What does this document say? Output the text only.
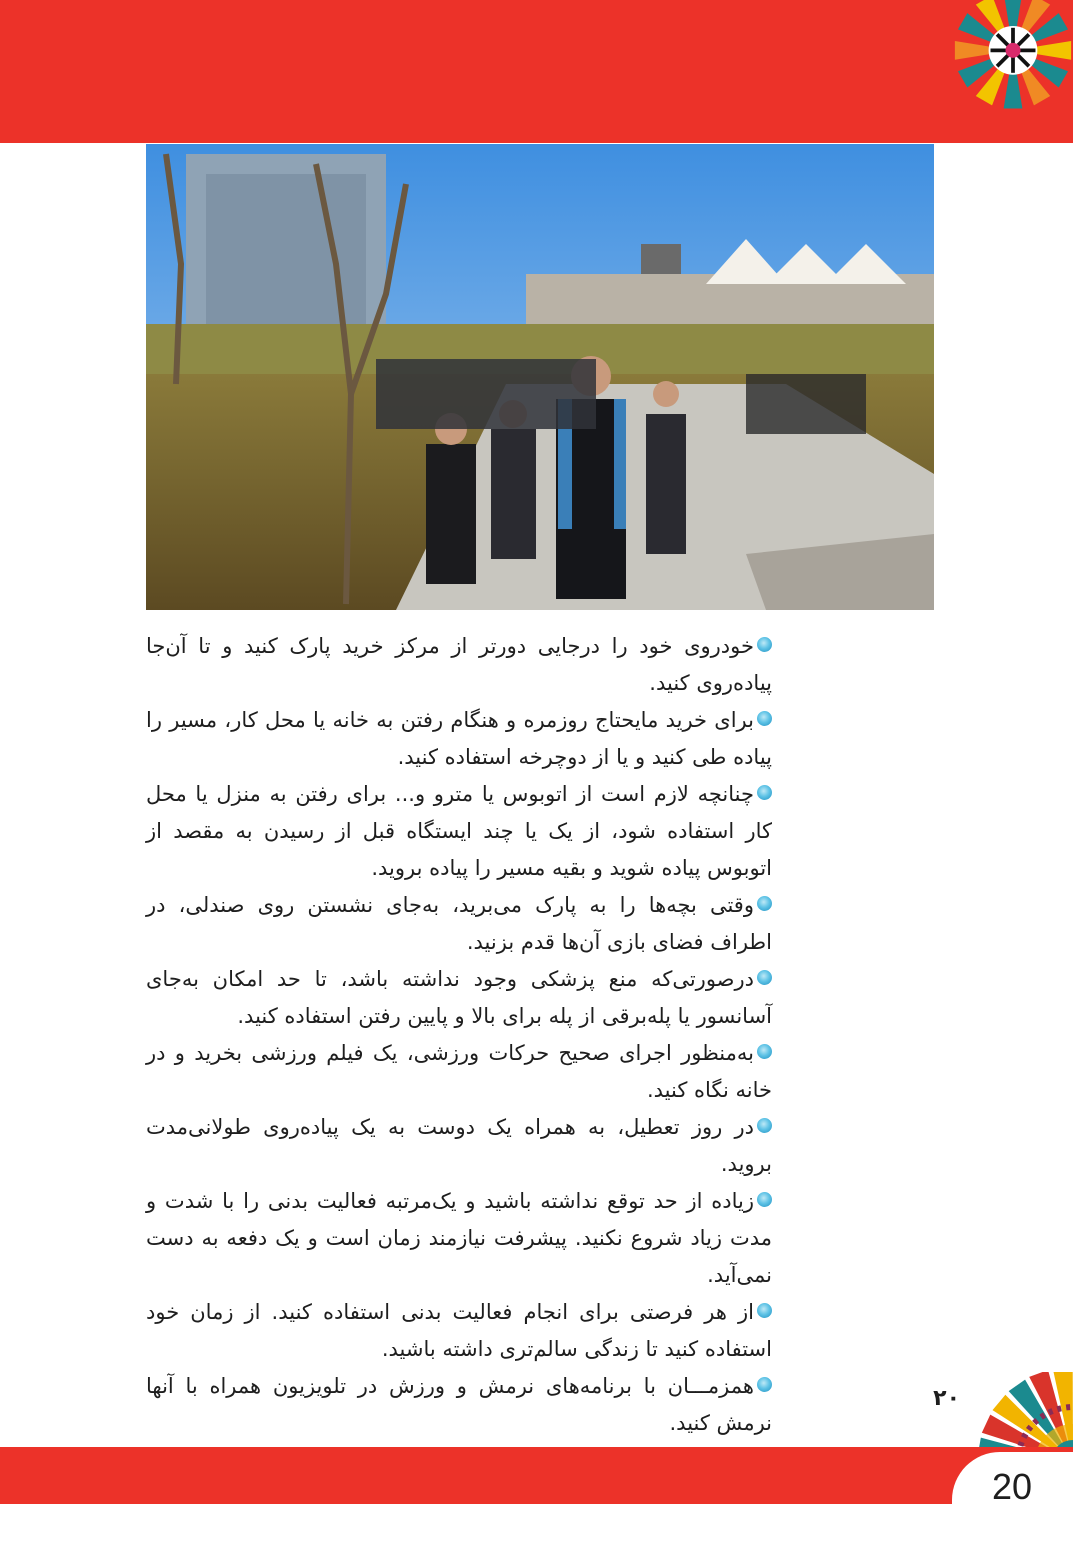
خودروی خود را درجایی دورتر از مرکز خرید پارک کنید و تا آن‌جا پیاده‌روی کنید.
برای خرید مایحتاج روزمره و هنگام رفتن به خانه یا محل کار، مسیر را پیاده طی کنید و یا از دوچرخه استفاده کنید.
چنانچه لازم است از اتوبوس یا مترو و... برای رفتن به منزل یا محل کار استفاده شود، از یک یا چند ایستگاه قبل از رسیدن به مقصد از اتوبوس پیاده شوید و بقیه مسیر را پیاده بروید.
وقتی بچه‌ها را به پارک می‌برید، به‌جای نشستن روی صندلی، در اطراف فضای بازی آن‌ها قدم بزنید.
درصورتی‌که منع پزشکی وجود نداشته باشد، تا حد امکان به‌جای آسانسور یا پله‌برقی از پله برای بالا و پایین رفتن استفاده کنید.
به‌منظور اجرای صحیح حرکات ورزشی، یک فیلم ورزشی بخرید و در خانه نگاه کنید.
در روز تعطیل، به همراه یک دوست به یک پیاده‌روی طولانی‌مدت بروید.
زیاده از حد توقع نداشته باشید و یک‌مرتبه فعالیت بدنی را با شدت و مدت زیاد شروع نکنید. پیشرفت نیازمند زمان است و یک دفعه به دست نمی‌آید.
از هر فرصتی برای انجام فعالیت بدنی استفاده کنید. از زمان خود استفاده کنید تا زندگی سالم‌تری داشته باشید.
همزمـــان با برنامه‌های نرمش و ورزش در تلویزیون همراه با آنها نرمش کنید.
۲۰
20
